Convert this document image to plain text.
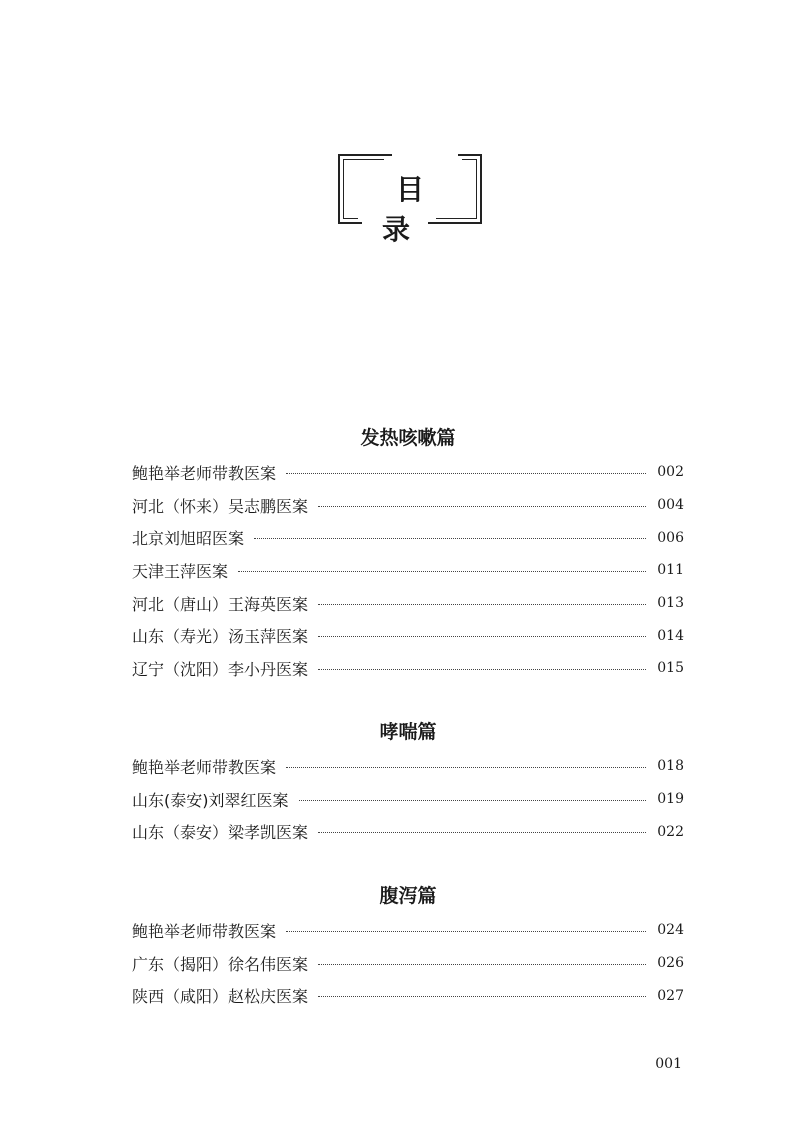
目 录
发热咳嗽篇
鲍艳举老师带教医案	002
河北（怀来）吴志鹏医案	004
北京刘旭昭医案	006
天津王萍医案	011
河北（唐山）王海英医案	013
山东（寿光）汤玉萍医案	014
辽宁（沈阳）李小丹医案	015
哮喘篇
鲍艳举老师带教医案	018
山东(泰安)刘翠红医案	019
山东（泰安）梁孝凯医案	022
腹泻篇
鲍艳举老师带教医案	024
广东（揭阳）徐名伟医案	026
陕西（咸阳）赵松庆医案	027
001
